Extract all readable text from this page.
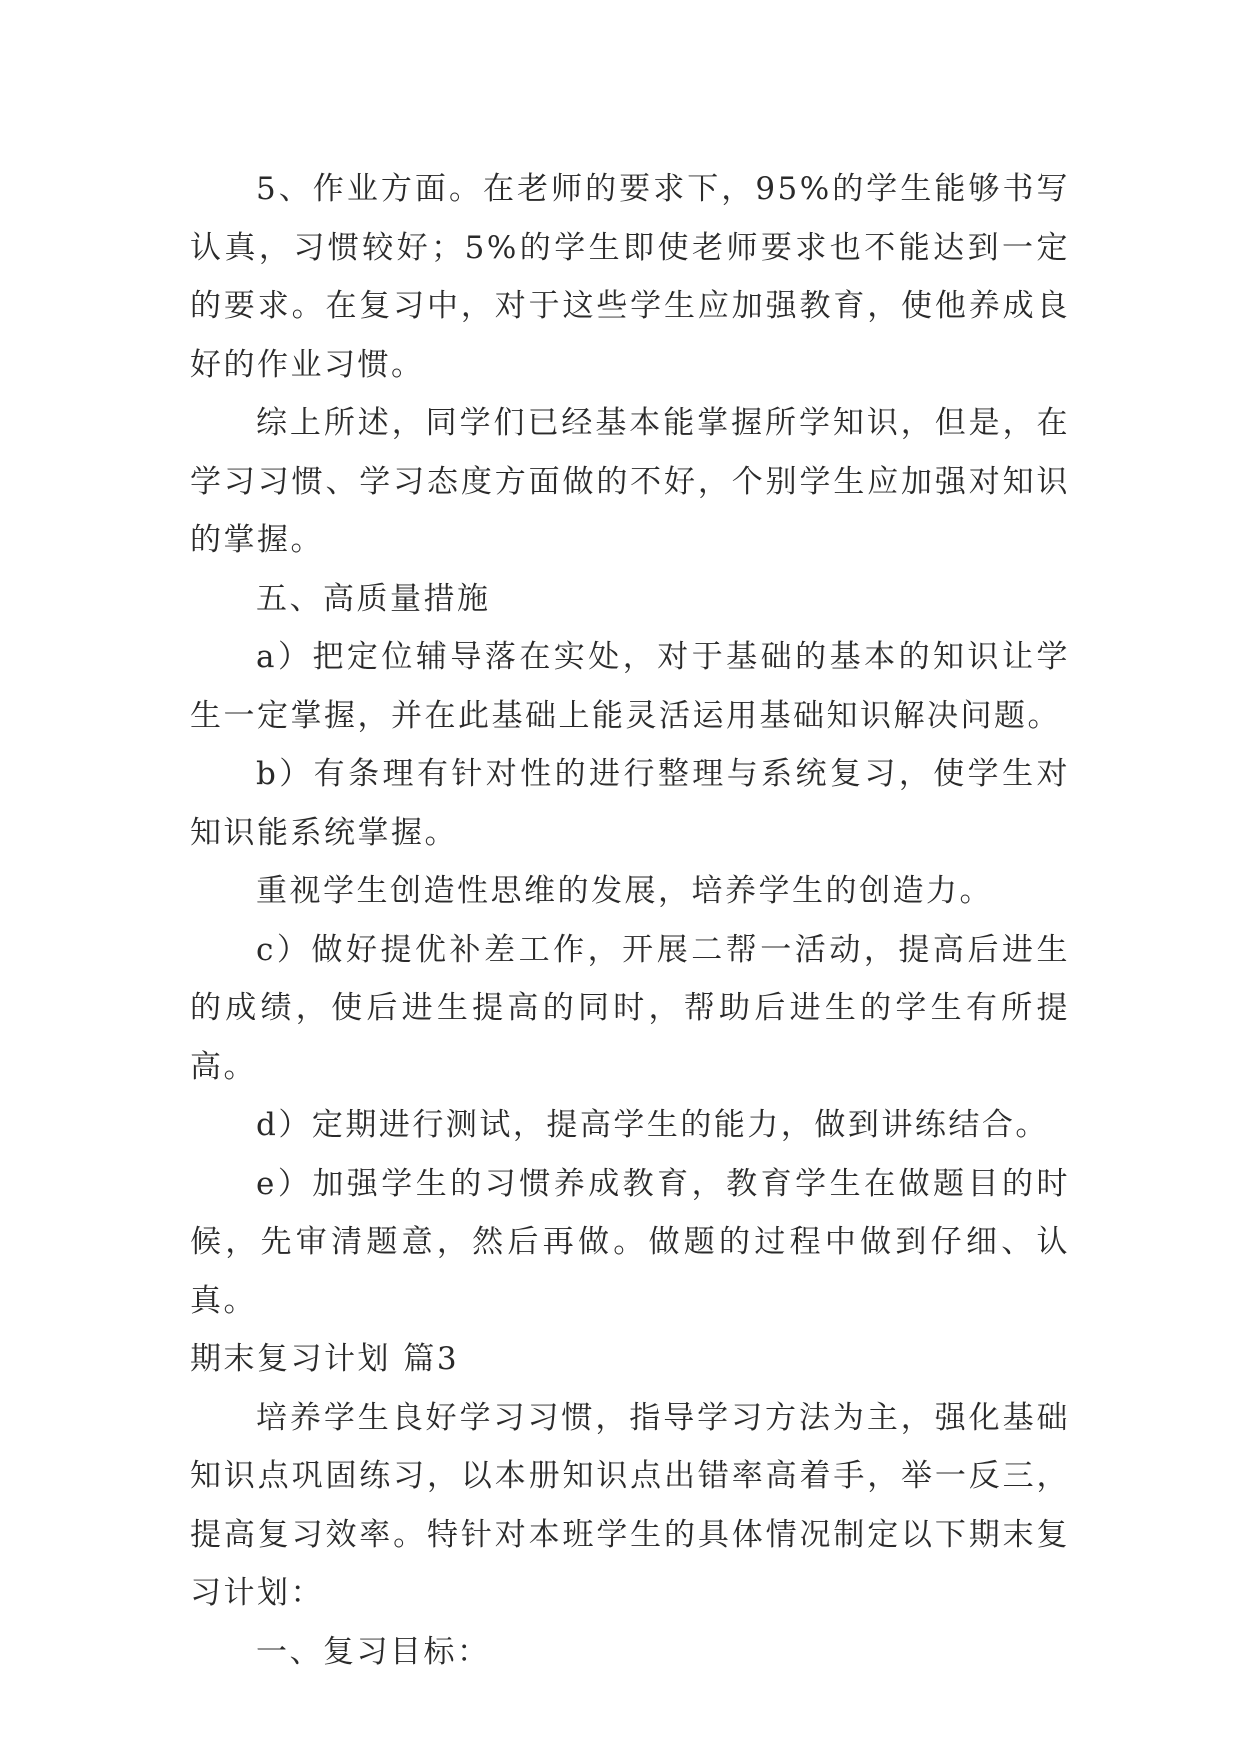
5、作业方面。在老师的要求下，95%的学生能够书写认真，习惯较好；5%的学生即使老师要求也不能达到一定的要求。在复习中，对于这些学生应加强教育，使他养成良好的作业习惯。

综上所述，同学们已经基本能掌握所学知识，但是，在学习习惯、学习态度方面做的不好，个别学生应加强对知识的掌握。

五、高质量措施

a）把定位辅导落在实处，对于基础的基本的知识让学生一定掌握，并在此基础上能灵活运用基础知识解决问题。

b）有条理有针对性的进行整理与系统复习，使学生对知识能系统掌握。

重视学生创造性思维的发展，培养学生的创造力。

c）做好提优补差工作，开展二帮一活动，提高后进生的成绩，使后进生提高的同时，帮助后进生的学生有所提高。

d）定期进行测试，提高学生的能力，做到讲练结合。

e）加强学生的习惯养成教育，教育学生在做题目的时候，先审清题意，然后再做。做题的过程中做到仔细、认真。

期末复习计划 篇3

培养学生良好学习习惯，指导学习方法为主，强化基础知识点巩固练习，以本册知识点出错率高着手，举一反三，提高复习效率。特针对本班学生的具体情况制定以下期末复习计划：

一、复习目标：
